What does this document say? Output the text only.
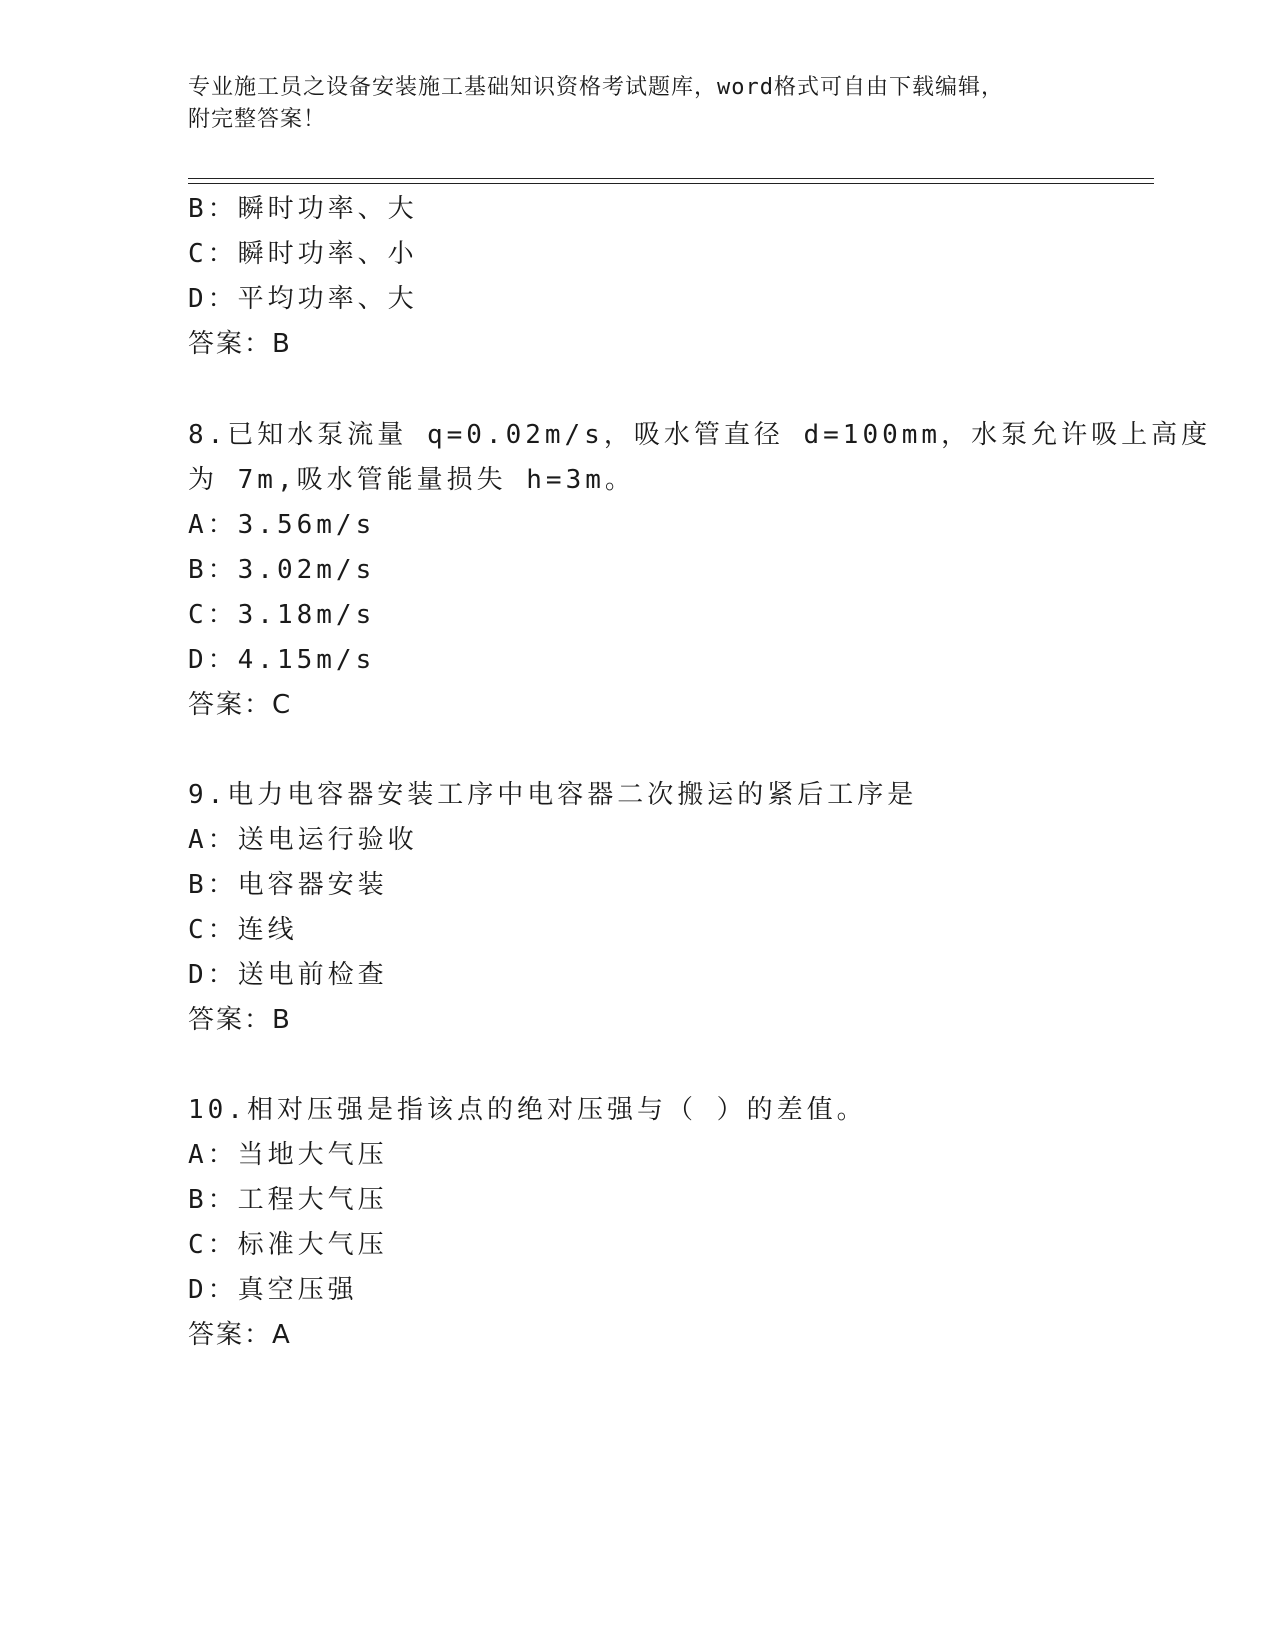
专业施工员之设备安装施工基础知识资格考试题库，word格式可自由下载编辑，
附完整答案！
B：瞬时功率、大
C：瞬时功率、小
D：平均功率、大
答案：B
8.已知水泵流量 q=0.02m/s，吸水管直径 d=100mm，水泵允许吸上高度
为 7m,吸水管能量损失 h=3m。
A：3.56m/s
B：3.02m/s
C：3.18m/s
D：4.15m/s
答案：C
9.电力电容器安装工序中电容器二次搬运的紧后工序是
A：送电运行验收
B：电容器安装
C：连线
D：送电前检查
答案：B
10.相对压强是指该点的绝对压强与（ ）的差值。
A：当地大气压
B：工程大气压
C：标准大气压
D：真空压强
答案：A
